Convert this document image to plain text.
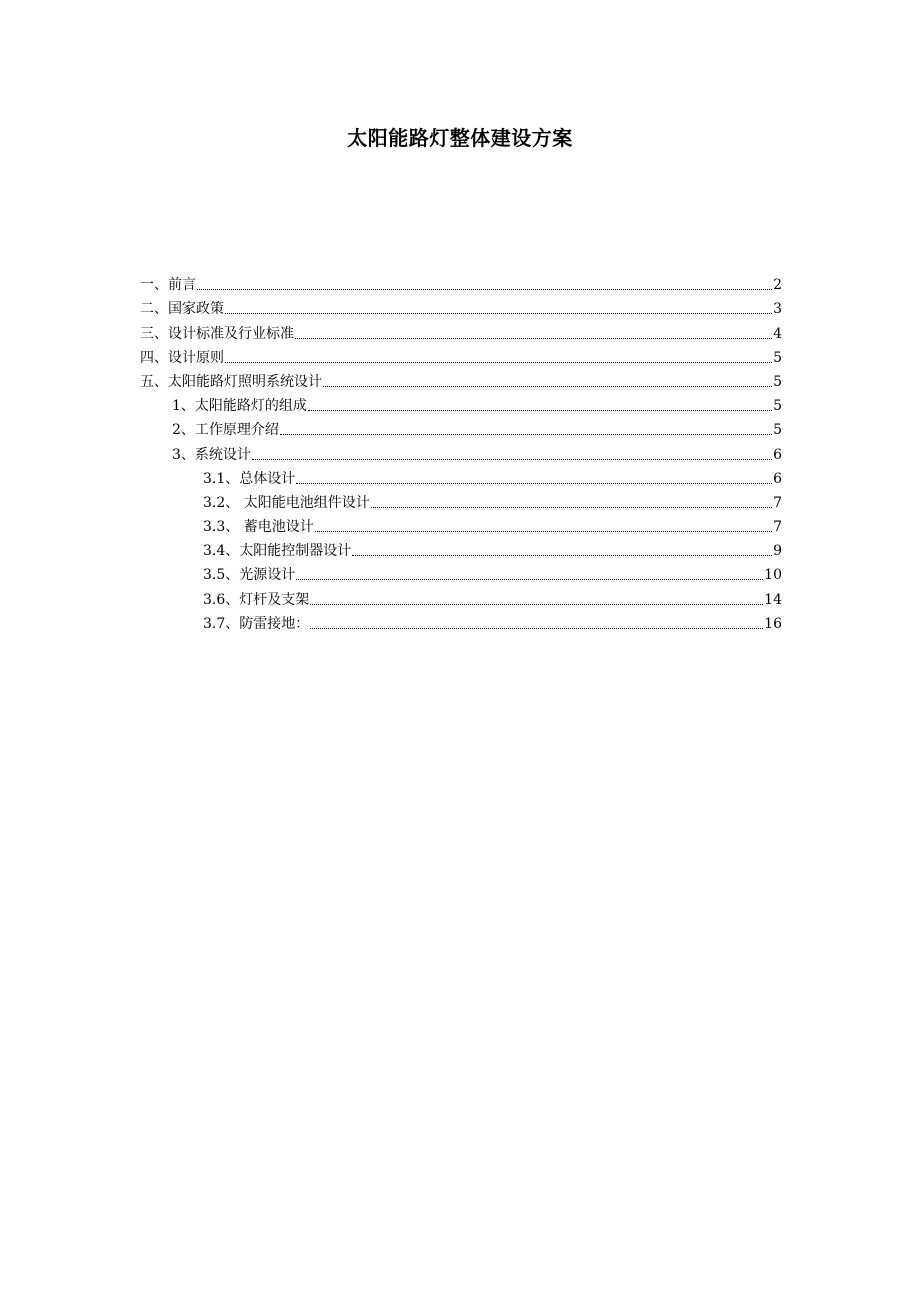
太阳能路灯整体建设方案
一、前言	2
二、国家政策	3
三、设计标准及行业标准	4
四、设计原则	5
五、太阳能路灯照明系统设计	5
1、太阳能路灯的组成	5
2、工作原理介绍	5
3、系统设计	6
3.1、总体设计	6
3.2、 太阳能电池组件设计	7
3.3、 蓄电池设计	7
3.4、太阳能控制器设计	9
3.5、光源设计	10
3.6、灯杆及支架	14
3.7、防雷接地：	16
